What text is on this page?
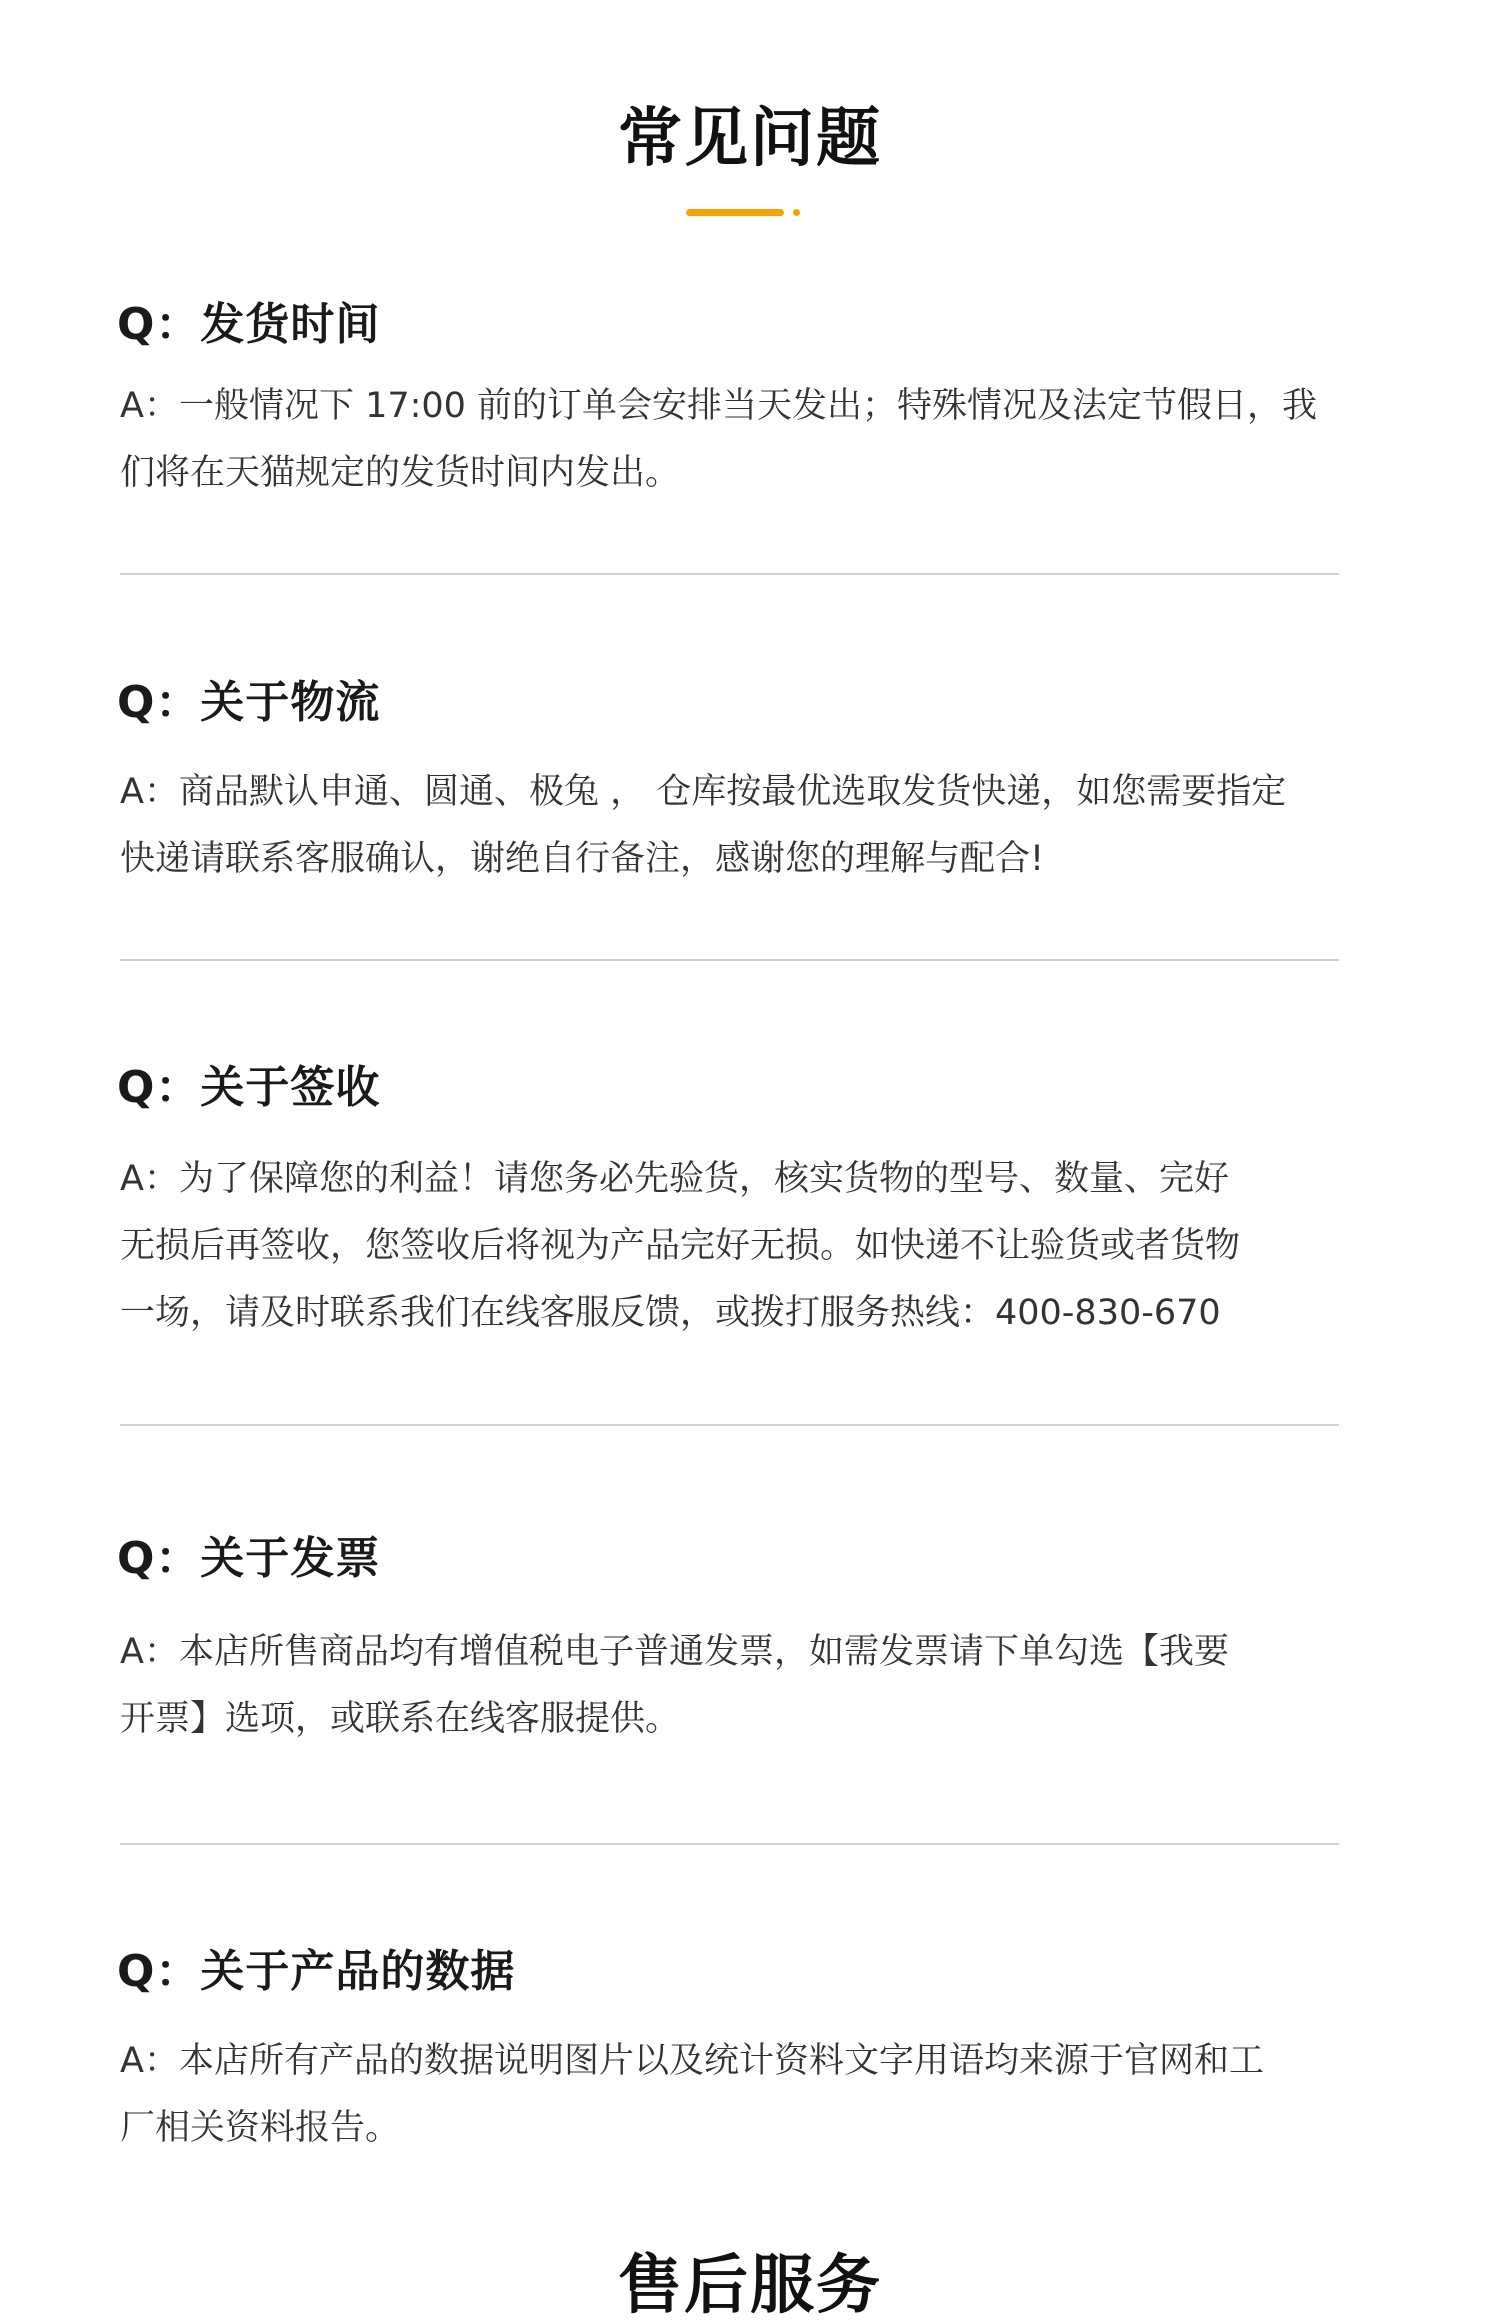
常见问题
Q：发货时间
A：一般情况下 17:00 前的订单会安排当天发出；特殊情况及法定节假日，我
们将在天猫规定的发货时间内发出。
Q：关于物流
A：商品默认申通、圆通、极兔 ， 仓库按最优选取发货快递，如您需要指定
快递请联系客服确认，谢绝自行备注，感谢您的理解与配合!
Q：关于签收
A：为了保障您的利益！请您务必先验货，核实货物的型号、数量、完好
无损后再签收，您签收后将视为产品完好无损。如快递不让验货或者货物
一场，请及时联系我们在线客服反馈，或拨打服务热线：400-830-670
Q：关于发票
A：本店所售商品均有增值税电子普通发票，如需发票请下单勾选【我要
开票】选项，或联系在线客服提供。
Q：关于产品的数据
A：本店所有产品的数据说明图片以及统计资料文字用语均来源于官网和工
厂相关资料报告。
售后服务
